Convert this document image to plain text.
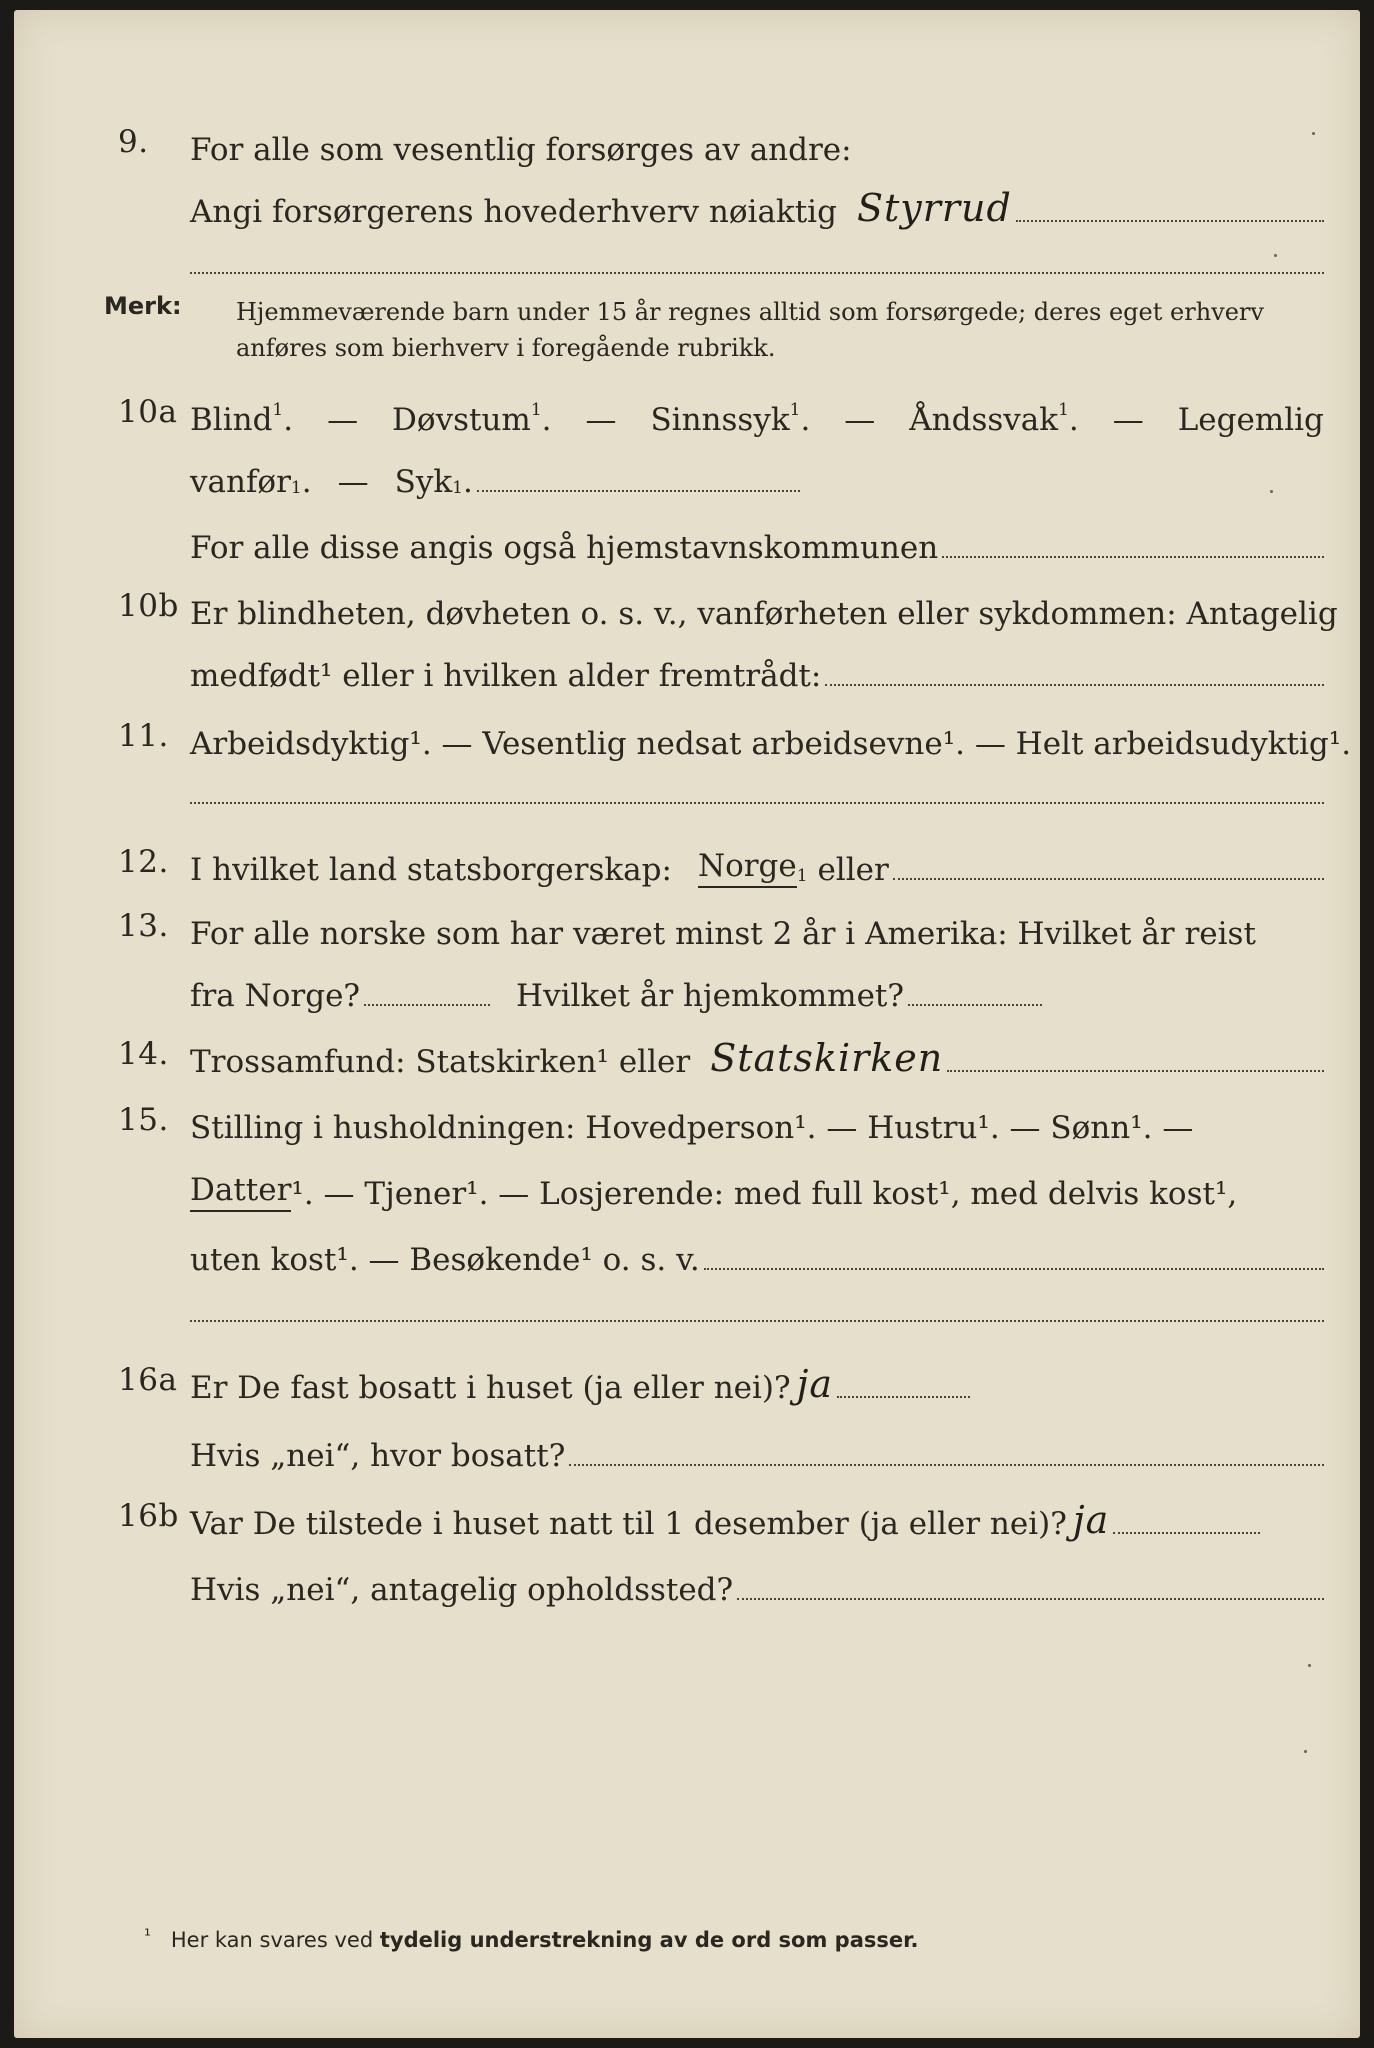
9. For alle som vesentlig forsørges av andre:
Angi forsørgerens hovederhverv nøiaktig Styrrud
Merk: Hjemmeværende barn under 15 år regnes alltid som forsørgede; deres eget erhverv anføres som bierhverv i foregående rubrikk.
10a Blind$^1$. — Døvstum$^1$. — Sinnssyk$^1$. — Åndssvak$^1$. — Legemlig
vanfør 1 . — Syk 1 .
For alle disse angis også hjemstavnskommunen
10b Er blindheten, døvheten o. s. v., vanførheten eller sykdommen: Antagelig
medfødt¹ eller i hvilken alder fremtrådt:
11. Arbeidsdyktig¹. — Vesentlig nedsat arbeidsevne¹. — Helt arbeidsudyktig¹.
12. I hvilket land statsborgerskap: Norge 1
eller
13. For alle norske som har været minst 2 år i Amerika: Hvilket år reist
fra Norge?	Hvilket år hjemkommet?
14. Trossamfund: Statskirken¹ eller Statskirken
15. Stilling i husholdningen: Hovedperson¹. — Hustru¹. — Sønn¹. —
Datter ¹. — Tjener¹. — Losjerende: med full kost¹, med delvis kost¹,
uten kost¹. — Besøkende¹ o. s. v.
16a Er De fast bosatt i huset (ja eller nei)? ja
Hvis „nei“, hvor bosatt?
16b Var De tilstede i huset natt til 1 desember (ja eller nei)? ja
Hvis „nei“, antagelig opholdssted?
$^{^1}$ Her kan svares ved tydelig understrekning av de ord som passer.
